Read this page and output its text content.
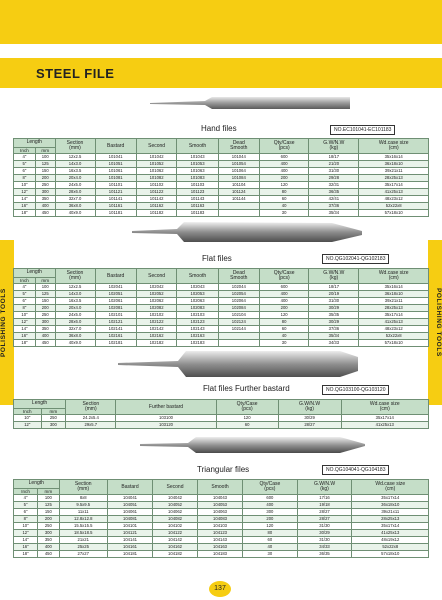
STEEL FILE
POLISHING TOOLS	POLISHING TOOLS
Hand files	NO.EC101041-EC101183
Length		Section
(mm)	Bastard	Second	Smooth	Dead
Smooth	Qty/Case
(pcs)	G.W/N.W
(kg)	Wd.case size
(cm)
Inch	mm								
4"	100	12x2.5	101041	101042	101043	101044	600	18/17	35x16x14
5"	125	14x3.0	101051	101052	101053	101054	400	21/20	36x18x10
6"	150	16x3.5	101061	101062	101063	101064	400	31/30	39x21x11
8"	200	20x4.0	101081	101082	101083	101084	200	29/28	28x25x13
10"	250	24x5.0	101101	101102	101103	101104	120	32/31	35x17x14
12"	300	28x6.0	101121	101122	101123	101124	80	36/35	41x25x13
14"	350	32x7.0	101141	101142	101143	101144	60	42/41	48x23x12
16"	400	36x8.0	101161	101162	101163		40	37/36	52x22x8
18"	450	40x9.0	101181	101182	101183		30	35/34	57x18x10
Flat files	NO.QG102041-QG102183
Length		Section
(mm)	Bastard	Second	Smooth	Dead
Smooth	Qty/Case
(pcs)	G.W/N.W
(kg)	Wd.case size
(cm)
Inch	mm								
4"	100	12x2.5	102041	102042	102043	102044	600	18/17	35x16x14
5"	125	14x3.0	102051	102052	102053	102054	400	20/19	36x18x10
6"	150	16x3.5	102061	102062	102063	102064	400	31/30	39x21x11
8"	200	20x4.0	102081	102082	102083	102084	200	30/29	28x25x13
10"	250	24x5.0	102101	102102	102103	102104	120	35/35	35x17x14
12"	300	28x6.0	102121	102122	102123	102124	80	30/29	41x25x13
14"	350	32x7.0	102141	102142	102143	102144	60	37/36	48x23x12
16"	400	36x8.0	102161	102162	102163		40	35/34	52x22x8
18"	450	40x9.0	102181	102182	102183		30	34/33	57x18x10
Flat files Further bastard	NO.QG103100-QG103120
Length		Section
(mm)	Further bastard	Qty/Case
(pcs)	G.W/N.W
(kg)	Wd.case size
(cm)
Inch	mm					
10"	250	24.2x5.4	103100	120	30/29	35x17x14
12"	300	29x5.7	103120	60	28/27	41x25x13
Triangular files	NO.QG104041-QG104183
Length		Section
(mm)	Bastard	Second	Smooth	Qty/Case
(pcs)	G.W/N.W
(kg)	Wd.case size
(cm)
Inch	mm							
4"	100	8x8	104041	104042	104043	600	17/16	35x17x14
5"	125	9.5x9.5	104051	104052	104053	400	19/18	36x18x10
6"	150	11x11	104061	104062	104063	300	28/27	39x21x11
8"	200	12.8x12.8	104081	104082	104083	200	28/27	28x25x13
10"	250	15.5x15.5	104101	104102	104103	120	31/30	35x17x14
12"	300	18.5x18.5	104121	104122	104123	80	30/29	41x25x13
14"	350	21x21	104141	104142	104143	60	31/30	48x19x12
16"	400	25x25	104161	104162	104163	40	34/33	52x22x8
18"	450	27x27	104181	104182	104183	30	36/35	57x18x10
137
